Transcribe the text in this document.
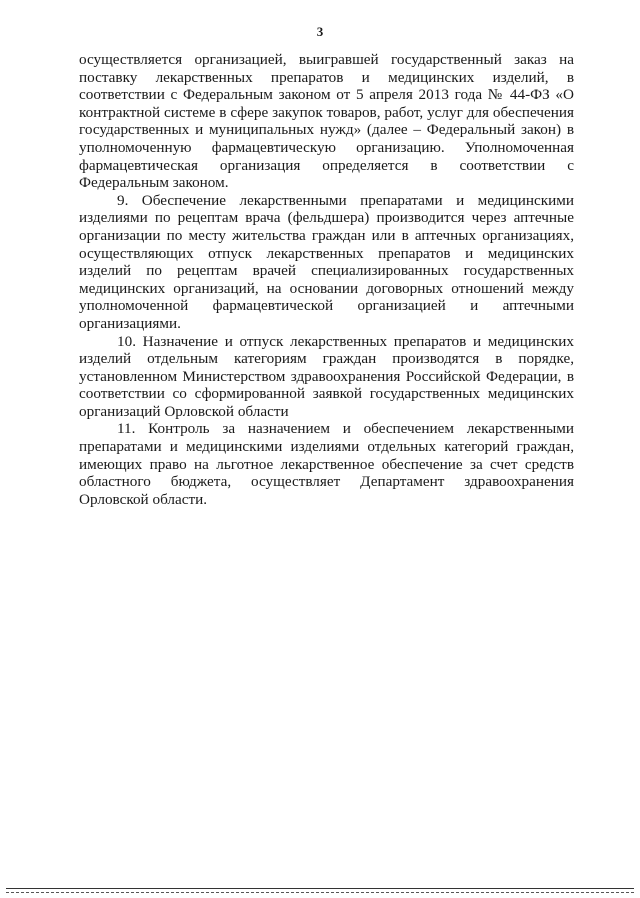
3

осуществляется организацией, выигравшей государственный заказ на поставку лекарственных препаратов и медицинских изделий, в соответствии с Федеральным законом от 5 апреля 2013 года № 44-ФЗ «О контрактной системе в сфере закупок товаров, работ, услуг для обеспечения государственных и муниципальных нужд» (далее – Федеральный закон) в уполномоченную фармацевтическую организацию. Уполномоченная фармацевтическая организация определяется в соответствии с Федеральным законом.

9. Обеспечение лекарственными препаратами и медицинскими изделиями по рецептам врача (фельдшера) производится через аптечные организации по месту жительства граждан или в аптечных организациях, осуществляющих отпуск лекарственных препаратов и медицинских изделий по рецептам врачей специализированных государственных медицинских организаций, на основании договорных отношений между уполномоченной фармацевтической организацией и аптечными организациями.

10. Назначение и отпуск лекарственных препаратов и медицинских изделий отдельным категориям граждан производятся в порядке, установленном Министерством здравоохранения Российской Федерации, в соответствии со сформированной заявкой государственных медицинских организаций Орловской области

11. Контроль за назначением и обеспечением лекарственными препаратами и медицинскими изделиями отдельных категорий граждан, имеющих право на льготное лекарственное обеспечение за счет средств областного бюджета, осуществляет Департамент здравоохранения Орловской области.
